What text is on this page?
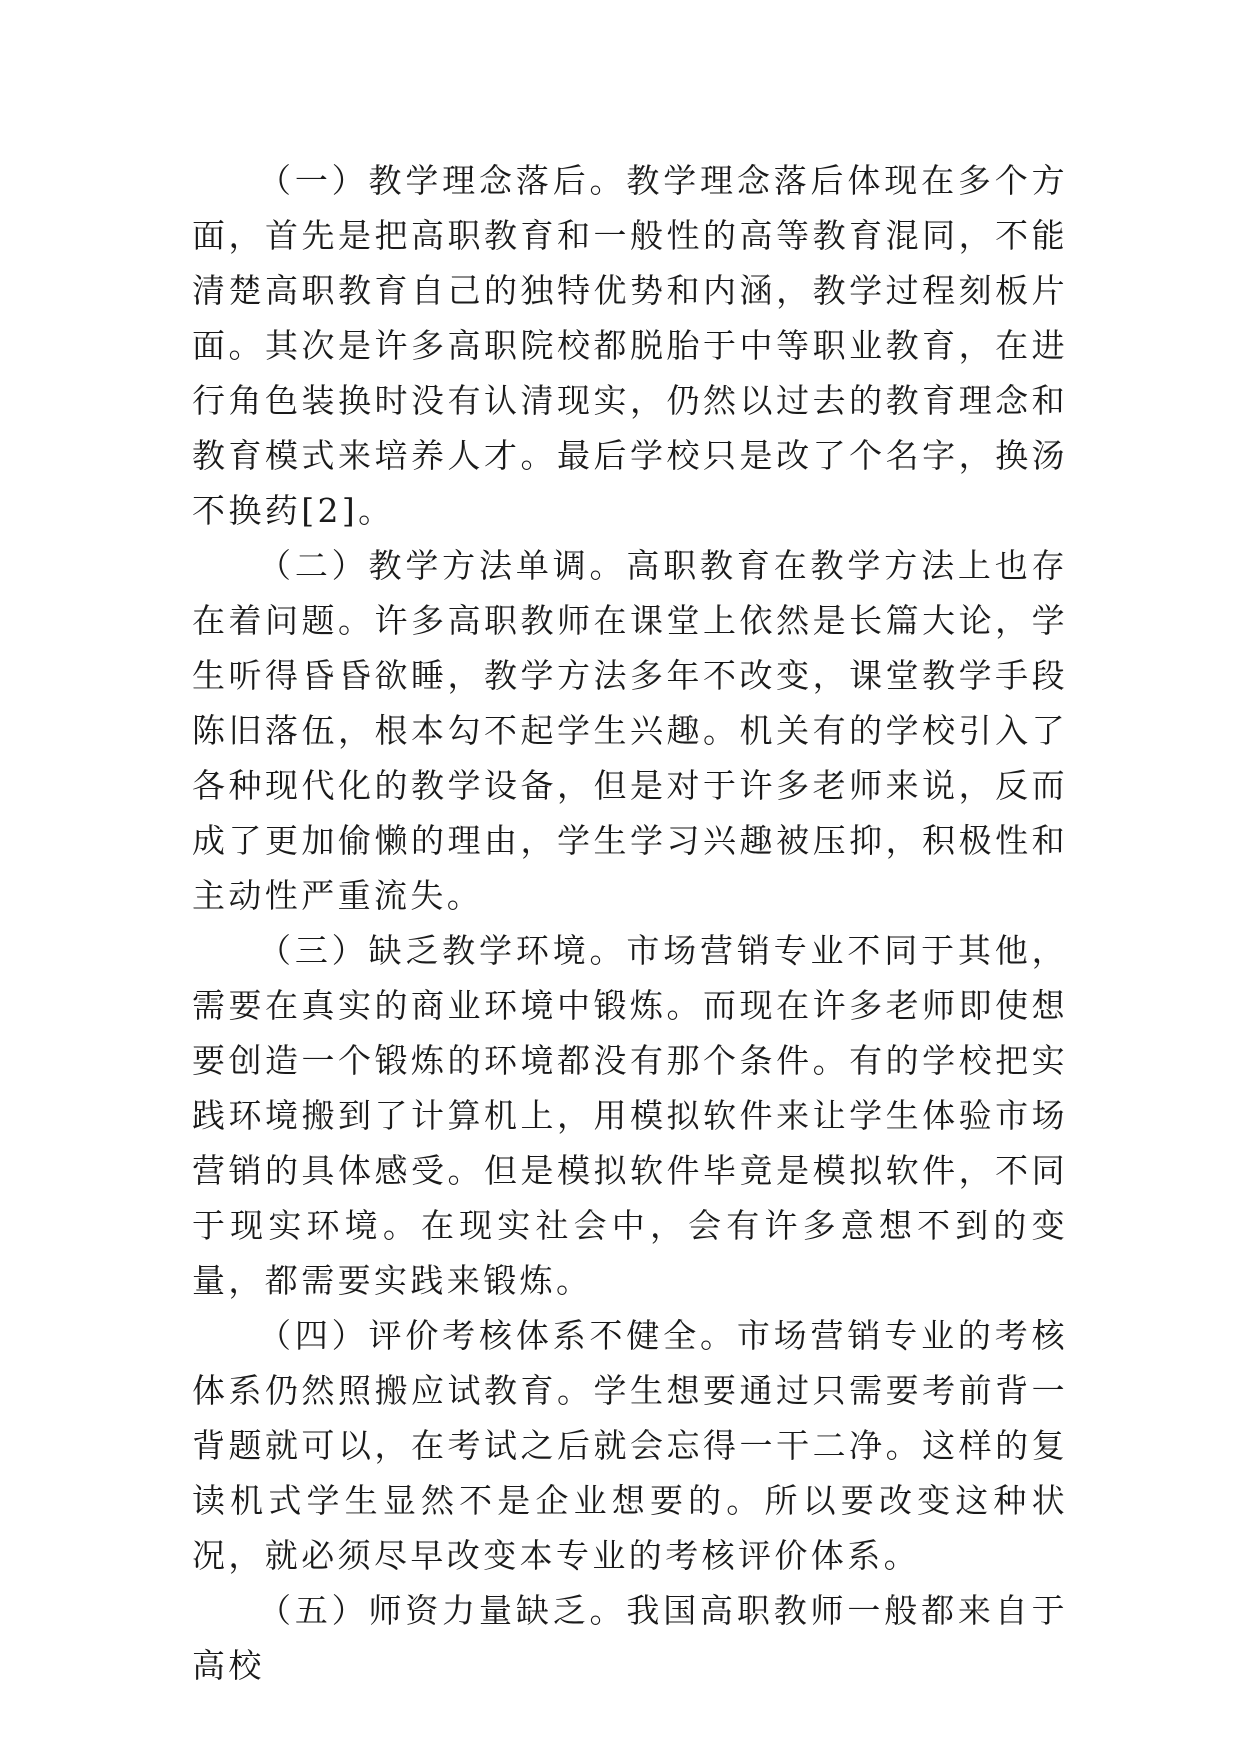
（一）教学理念落后。教学理念落后体现在多个方面，首先是把高职教育和一般性的高等教育混同，不能清楚高职教育自己的独特优势和内涵，教学过程刻板片面。其次是许多高职院校都脱胎于中等职业教育，在进行角色装换时没有认清现实，仍然以过去的教育理念和教育模式来培养人才。最后学校只是改了个名字，换汤不换药[2]。

（二）教学方法单调。高职教育在教学方法上也存在着问题。许多高职教师在课堂上依然是长篇大论，学生听得昏昏欲睡，教学方法多年不改变，课堂教学手段陈旧落伍，根本勾不起学生兴趣。机关有的学校引入了各种现代化的教学设备，但是对于许多老师来说，反而成了更加偷懒的理由，学生学习兴趣被压抑，积极性和主动性严重流失。

（三）缺乏教学环境。市场营销专业不同于其他，需要在真实的商业环境中锻炼。而现在许多老师即使想要创造一个锻炼的环境都没有那个条件。有的学校把实践环境搬到了计算机上，用模拟软件来让学生体验市场营销的具体感受。但是模拟软件毕竟是模拟软件，不同于现实环境。在现实社会中，会有许多意想不到的变量，都需要实践来锻炼。

（四）评价考核体系不健全。市场营销专业的考核体系仍然照搬应试教育。学生想要通过只需要考前背一背题就可以，在考试之后就会忘得一干二净。这样的复读机式学生显然不是企业想要的。所以要改变这种状况，就必须尽早改变本专业的考核评价体系。

（五）师资力量缺乏。我国高职教师一般都来自于高校
